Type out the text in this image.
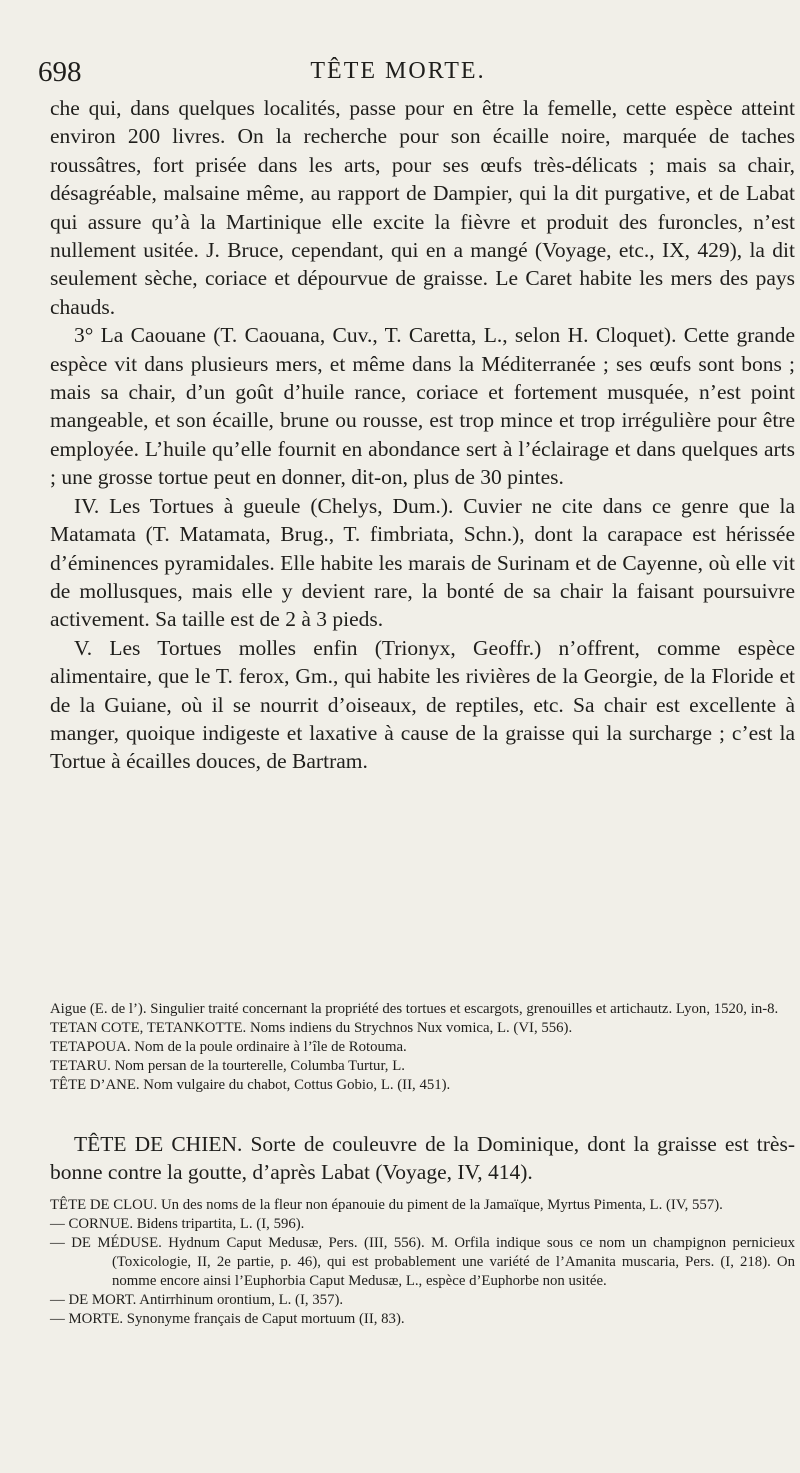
698	TÊTE MORTE.

che qui, dans quelques localités, passe pour en être la femelle, cette espèce atteint environ 200 livres. On la recherche pour son écaille noire, marquée de taches roussâtres, fort prisée dans les arts, pour ses œufs très-délicats ; mais sa chair, désagréable, malsaine même, au rapport de Dampier, qui la dit purgative, et de Labat qui assure qu’à la Martinique elle excite la fièvre et produit des furoncles, n’est nullement usitée. J. Bruce, cependant, qui en a mangé (Voyage, etc., IX, 429), la dit seulement sèche, coriace et dépourvue de graisse. Le Caret habite les mers des pays chauds.

3° La Caouane (T. Caouana, Cuv., T. Caretta, L., selon H. Cloquet). Cette grande espèce vit dans plusieurs mers, et même dans la Méditerranée ; ses œufs sont bons ; mais sa chair, d’un goût d’huile rance, coriace et fortement musquée, n’est point mangeable, et son écaille, brune ou rousse, est trop mince et trop irrégulière pour être employée. L’huile qu’elle fournit en abondance sert à l’éclairage et dans quelques arts ; une grosse tortue peut en donner, dit-on, plus de 30 pintes.

IV. Les Tortues à gueule (Chelys, Dum.). Cuvier ne cite dans ce genre que la Matamata (T. Matamata, Brug., T. fimbriata, Schn.), dont la carapace est hérissée d’éminences pyramidales. Elle habite les marais de Surinam et de Cayenne, où elle vit de mollusques, mais elle y devient rare, la bonté de sa chair la faisant poursuivre activement. Sa taille est de 2 à 3 pieds.

V. Les Tortues molles enfin (Trionyx, Geoffr.) n’offrent, comme espèce alimentaire, que le T. ferox, Gm., qui habite les rivières de la Georgie, de la Floride et de la Guiane, où il se nourrit d’oiseaux, de reptiles, etc. Sa chair est excellente à manger, quoique indigeste et laxative à cause de la graisse qui la surcharge ; c’est la Tortue à écailles douces, de Bartram.

Aigue (E. de l’). Singulier traité concernant la propriété des tortues et escargots, grenouilles et artichautz. Lyon, 1520, in-8.

TETAN COTE, TETANKOTTE. Noms indiens du Strychnos Nux vomica, L. (VI, 556).

TETAPOUA. Nom de la poule ordinaire à l’île de Rotouma.

TETARU. Nom persan de la tourterelle, Columba Turtur, L.

TÊTE D’ANE. Nom vulgaire du chabot, Cottus Gobio, L. (II, 451).

TÊTE DE CHIEN. Sorte de couleuvre de la Dominique, dont la graisse est très-bonne contre la goutte, d’après Labat (Voyage, IV, 414).

TÊTE DE CLOU. Un des noms de la fleur non épanouie du piment de la Jamaïque, Myrtus Pimenta, L. (IV, 557).

— CORNUE. Bidens tripartita, L. (I, 596).

— DE MÉDUSE. Hydnum Caput Medusæ, Pers. (III, 556). M. Orfila indique sous ce nom un champignon pernicieux (Toxicologie, II, 2e partie, p. 46), qui est probablement une variété de l’Amanita muscaria, Pers. (I, 218). On nomme encore ainsi l’Euphorbia Caput Medusæ, L., espèce d’Euphorbe non usitée.

— DE MORT. Antirrhinum orontium, L. (I, 357).

— MORTE. Synonyme français de Caput mortuum (II, 83).
